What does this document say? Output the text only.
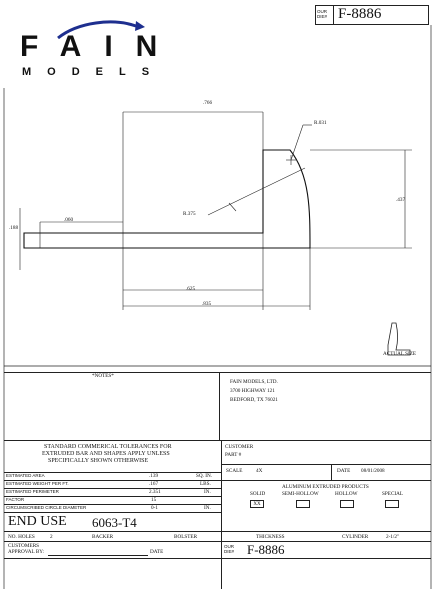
OUR DIE# F-8886
FAIN
MODELS
.766
R.031
.437
.060
R.375
.188
.625
.835
ACTUAL SIZE
*NOTES*
FAIN MODELS, LTD.
3700 HIGHWAY 121
BEDFORD, TX 76021
STANDARD COMMERICAL TOLERANCES FOR
EXTRUDED BAR AND SHAPES APPLY UNLESS
SPECIFICALLY SHOWN OTHERWISE
CUSTOMER
PART #
SCALE	4X	DATE 08/01/2008
ALUMINUM EXTRUDED PRODUCTS
SOLID	SEMI-HOLLOW	HOLLOW	SPECIAL
XX
ESTIMATED AREA	.139	SQ. IN.
ESTIMATED WEIGHT PER FT.	.167	LBS.
ESTIMATED PERIMETER	2.351	IN.
FACTOR	15
CIRCUMSCRIBED CIRCLE DIAMETER	0-1	IN.
END USE 6063-T4
NO. HOLES	2	BACKER	BOLSTER	THICKNESS	CYLINDER	2-1/2"
CUSTOMERS
APPROVAL BY:	DATE
OUR DIE# F-8886
